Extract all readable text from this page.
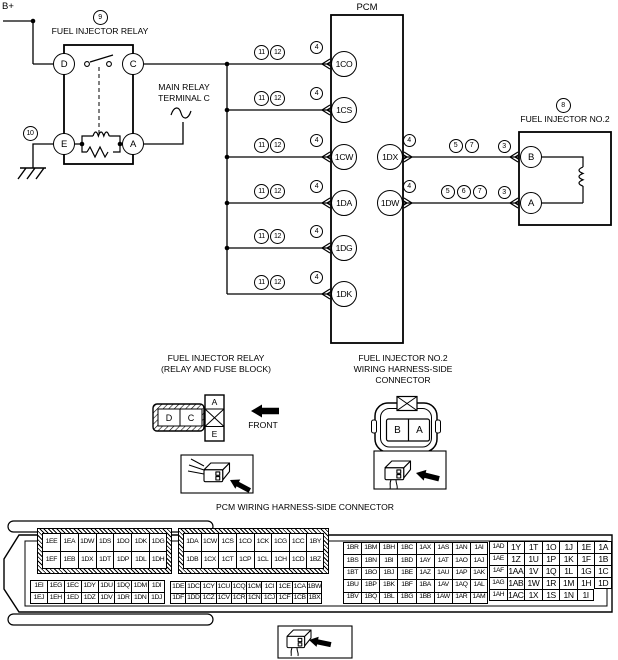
B+
9
FUEL INJECTOR RELAY
10
D	C
E	A
MAIN RELAY
TERMINAL C
PCM
11	12
4
1CO
11	12
4
1CS
11	12
4
1CW
11	12
4
1DA
11	12
4
1DG
11	12
4
1DK
1DX
1DW
4
5	7	3
4
5	6	7	3
8
FUEL INJECTOR NO.2
B
A
FUEL INJECTOR RELAY
(RELAY AND FUSE BLOCK)
D	C
A
E
FRONT
FUEL INJECTOR NO.2
WIRING HARNESS-SIDE
CONNECTOR
B	A
PCM WIRING HARNESS-SIDE CONNECTOR
1EE 1EA 1DW 1DS 1DO 1DK 1DG
1EF 1EB 1DX 1DT 1DP 1DL 1DH
1DA 1CW 1CS 1CO 1CK 1CG 1CC 1BY
1DB 1CX 1CT 1CP 1CL 1CH 1CD 1BZ
1BR 1BM 1BH 1BC 1AX 1AS 1AN	1AI
1BS 1BN	1BI	1BD 1AY	1AT 1AO 1AJ
1BT 1BO 1BJ	1BE 1AZ 1AU 1AP 1AK
1BU 1BP 1BK 1BF 1BA 1AV 1AQ 1AL
1BV 1BQ 1BL 1BG 1BB 1AW 1AR 1AM
1AD 1Y 1T 1O 1J	1E 1A
1AE 1Z 1U 1P 1K 1F 1B
1AF 1AA 1V 1Q 1L 1G 1C
1AG 1AB 1W 1R 1M 1H 1D
1AH 1AC 1X 1S 1N	1I
1EI 1EG 1EC 1DY 1DU 1DQ 1DM 1DI
1EJ 1EH 1ED 1DZ 1DV 1DR 1DN 1DJ
1DE 1DC 1CY 1CU 1CQ 1CM 1CI 1CE 1CA 1BW
1DF 1DD 1CZ 1CV 1CR 1CN 1CJ 1CF 1CB 1BX
